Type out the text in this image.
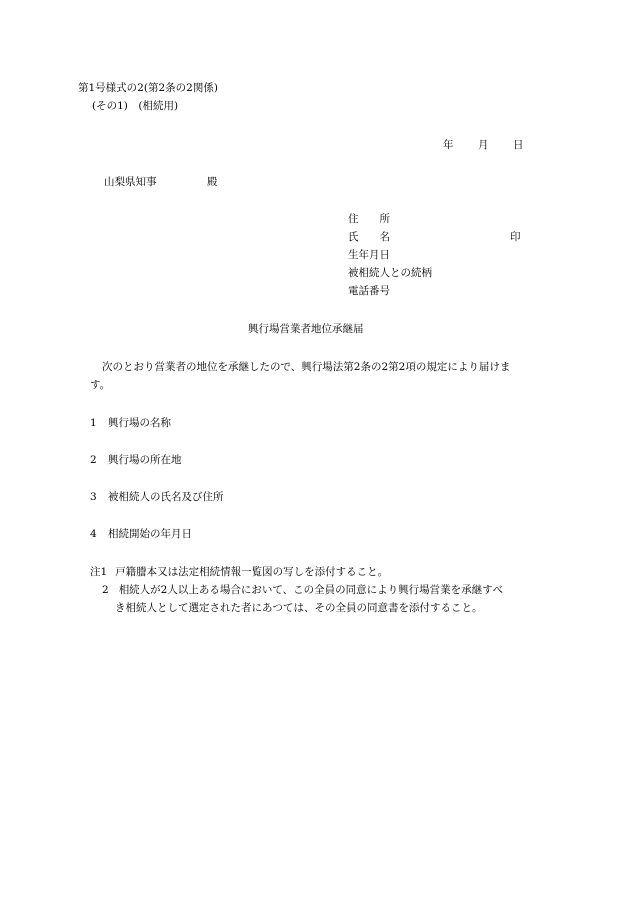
第1号様式の2(第2条の2関係)
(その1)　(相続用)
年 月 日
山梨県知事	殿
住　　所
氏　　名	印
生年月日
被相続人との続柄
電話番号
興行場営業者地位承継届
次のとおり営業者の地位を承継したので、興行場法第2条の2第2項の規定により届けま
す。
1 興行場の名称
2 興行場の所在地
3 被相続人の氏名及び住所
4 相続開始の年月日
注1 戸籍謄本又は法定相続情報一覧図の写しを添付すること。
2 相続人が2人以上ある場合において、この全員の同意により興行場営業を承継すべ
き相続人として選定された者にあつては、その全員の同意書を添付すること。
